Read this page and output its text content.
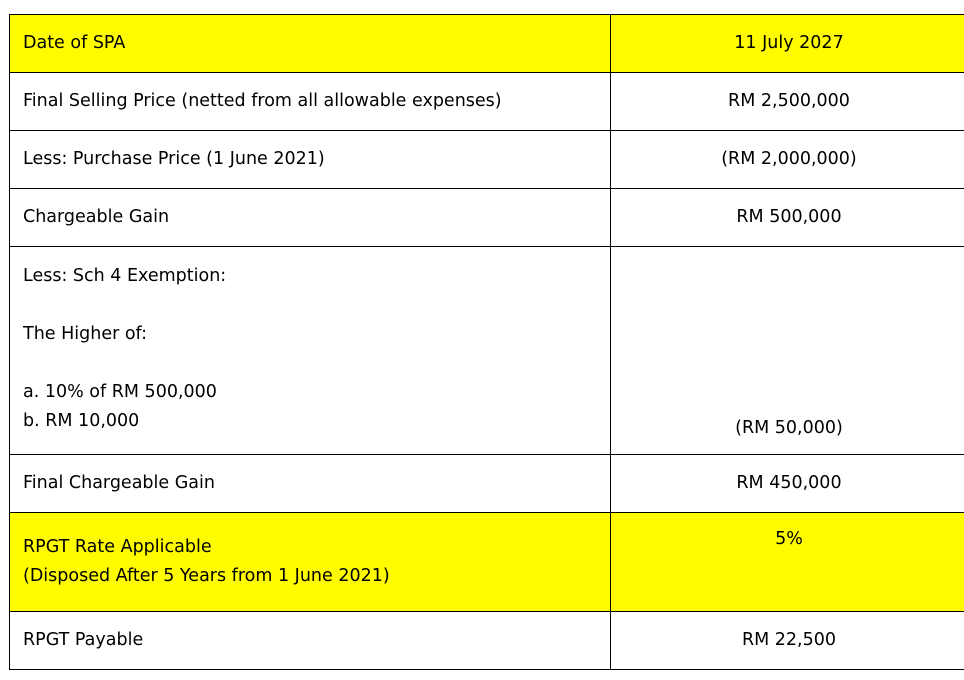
Date of SPA	11 July 2027
Final Selling Price (netted from all allowable expenses)	RM 2,500,000
Less: Purchase Price (1 June 2021)	(RM 2,000,000)
Chargeable Gain	RM 500,000

Less: Sch 4 Exemption:
The Higher of:
a. 10% of RM 500,000
b. RM 10,000	(RM 50,000)
Final Chargeable Gain	RM 450,000

RPGT Rate Applicable
(Disposed After 5 Years from 1 June 2021)	5%
RPGT Payable	RM 22,500
